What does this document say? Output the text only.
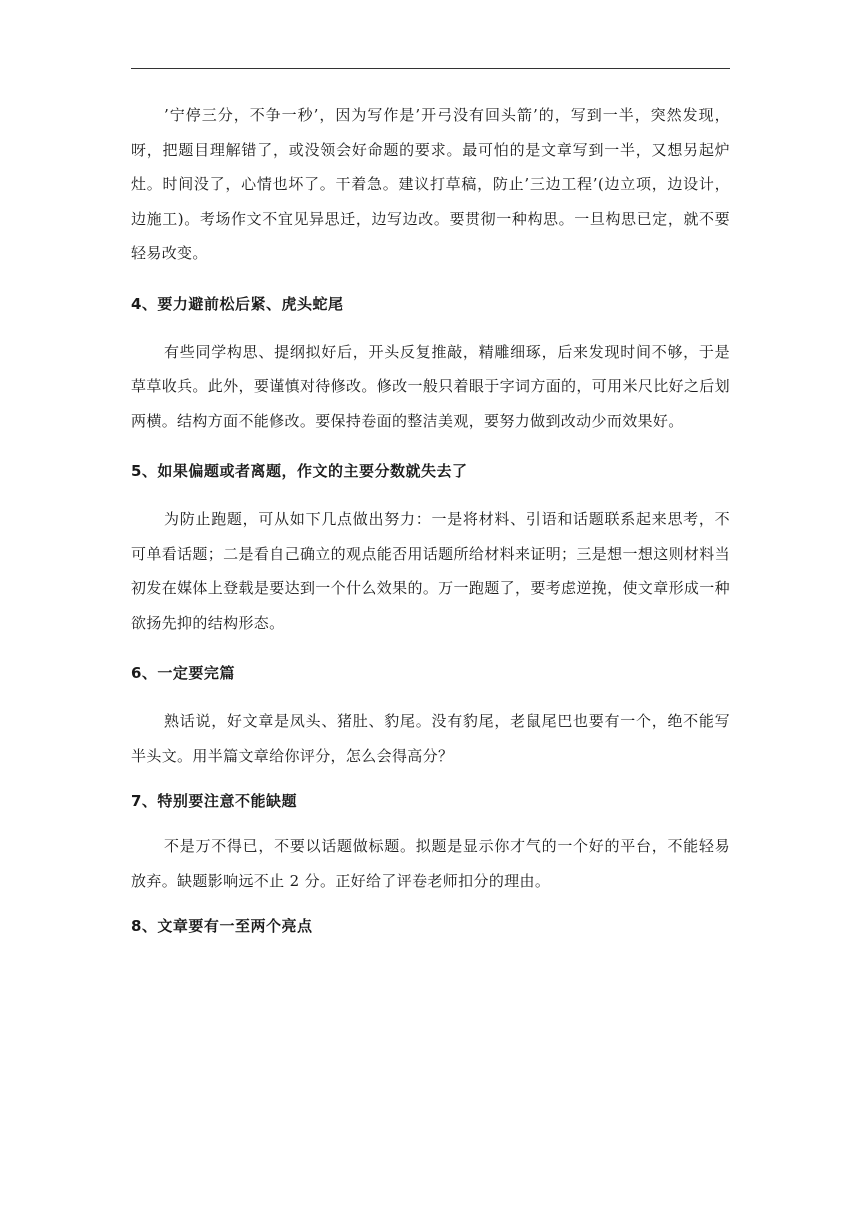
’宁停三分，不争一秒’，因为写作是’开弓没有回头箭’的，写到一半，突然发现，呀，把题目理解错了，或没领会好命题的要求。最可怕的是文章写到一半，又想另起炉灶。时间没了，心情也坏了。干着急。建议打草稿，防止’三边工程’(边立项，边设计，边施工)。考场作文不宜见异思迁，边写边改。要贯彻一种构思。一旦构思已定，就不要轻易改变。

4、要力避前松后紧、虎头蛇尾

有些同学构思、提纲拟好后，开头反复推敲，精雕细琢，后来发现时间不够，于是草草收兵。此外，要谨慎对待修改。修改一般只着眼于字词方面的，可用米尺比好之后划两横。结构方面不能修改。要保持卷面的整洁美观，要努力做到改动少而效果好。

5、如果偏题或者离题，作文的主要分数就失去了

为防止跑题，可从如下几点做出努力：一是将材料、引语和话题联系起来思考，不可单看话题；二是看自己确立的观点能否用话题所给材料来证明；三是想一想这则材料当初发在媒体上登载是要达到一个什么效果的。万一跑题了，要考虑逆挽，使文章形成一种欲扬先抑的结构形态。

6、一定要完篇

熟话说，好文章是凤头、猪肚、豹尾。没有豹尾，老鼠尾巴也要有一个，绝不能写半头文。用半篇文章给你评分，怎么会得高分？

7、特别要注意不能缺题

不是万不得已，不要以话题做标题。拟题是显示你才气的一个好的平台，不能轻易放弃。缺题影响远不止 2 分。正好给了评卷老师扣分的理由。

8、文章要有一至两个亮点
